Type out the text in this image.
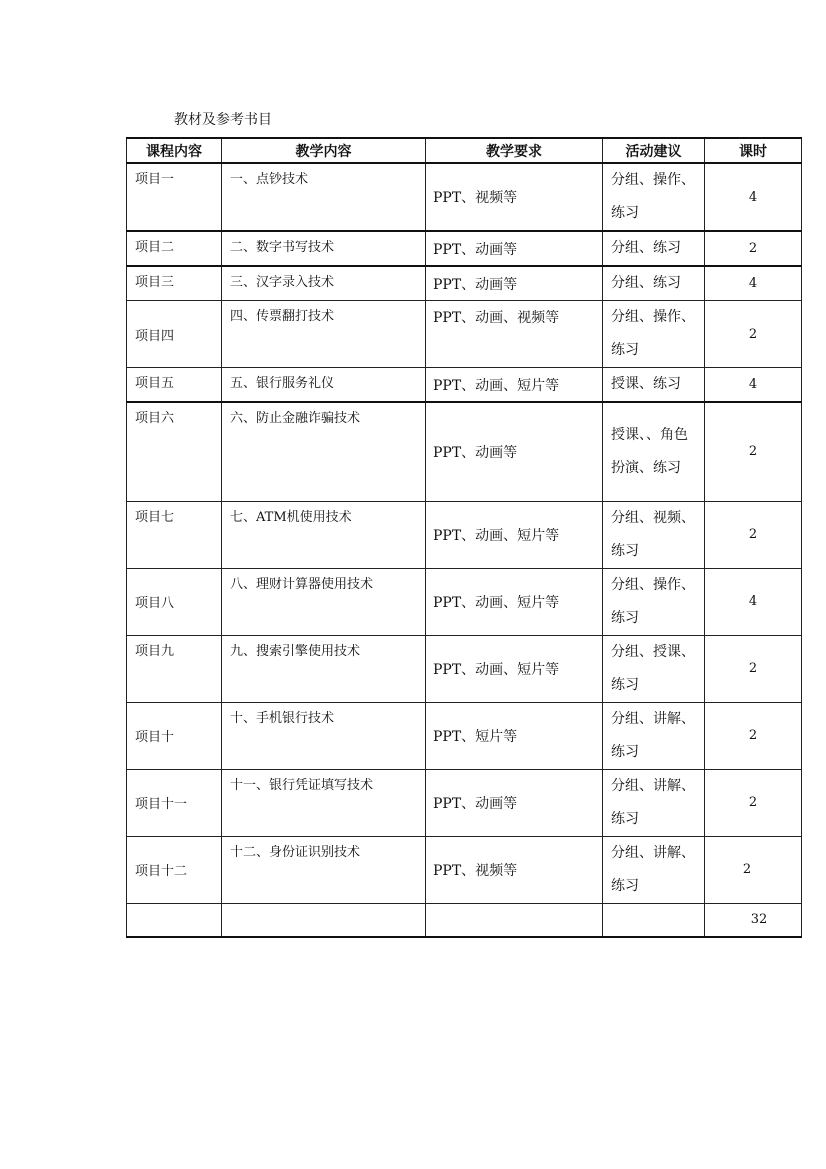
教材及参考书目
课程内容	教学内容	教学要求	活动建议	课时
项目一	一、点钞技术	PPT、视频等	分组、操作、练习	4
项目二	二、数字书写技术	PPT、动画等	分组、练习	2
项目三	三、汉字录入技术	PPT、动画等	分组、练习	4
项目四	四、传票翻打技术	PPT、动画、视频等	分组、操作、练习	2
项目五	五、银行服务礼仪	PPT、动画、短片等	授课、练习	4
项目六	六、防止金融诈骗技术	PPT、动画等	授课、、角色扮演、练习	2
项目七	七、ATM机使用技术	PPT、动画、短片等	分组、视频、练习	2
项目八	八、理财计算器使用技术	PPT、动画、短片等	分组、操作、练习	4
项目九	九、搜索引擎使用技术	PPT、动画、短片等	分组、授课、练习	2
项目十	十、手机银行技术	PPT、短片等	分组、讲解、练习	2
项目十一	十一、银行凭证填写技术	PPT、动画等	分组、讲解、练习	2
项目十二	十二、身份证识别技术	PPT、视频等	分组、讲解、练习	2
				32
